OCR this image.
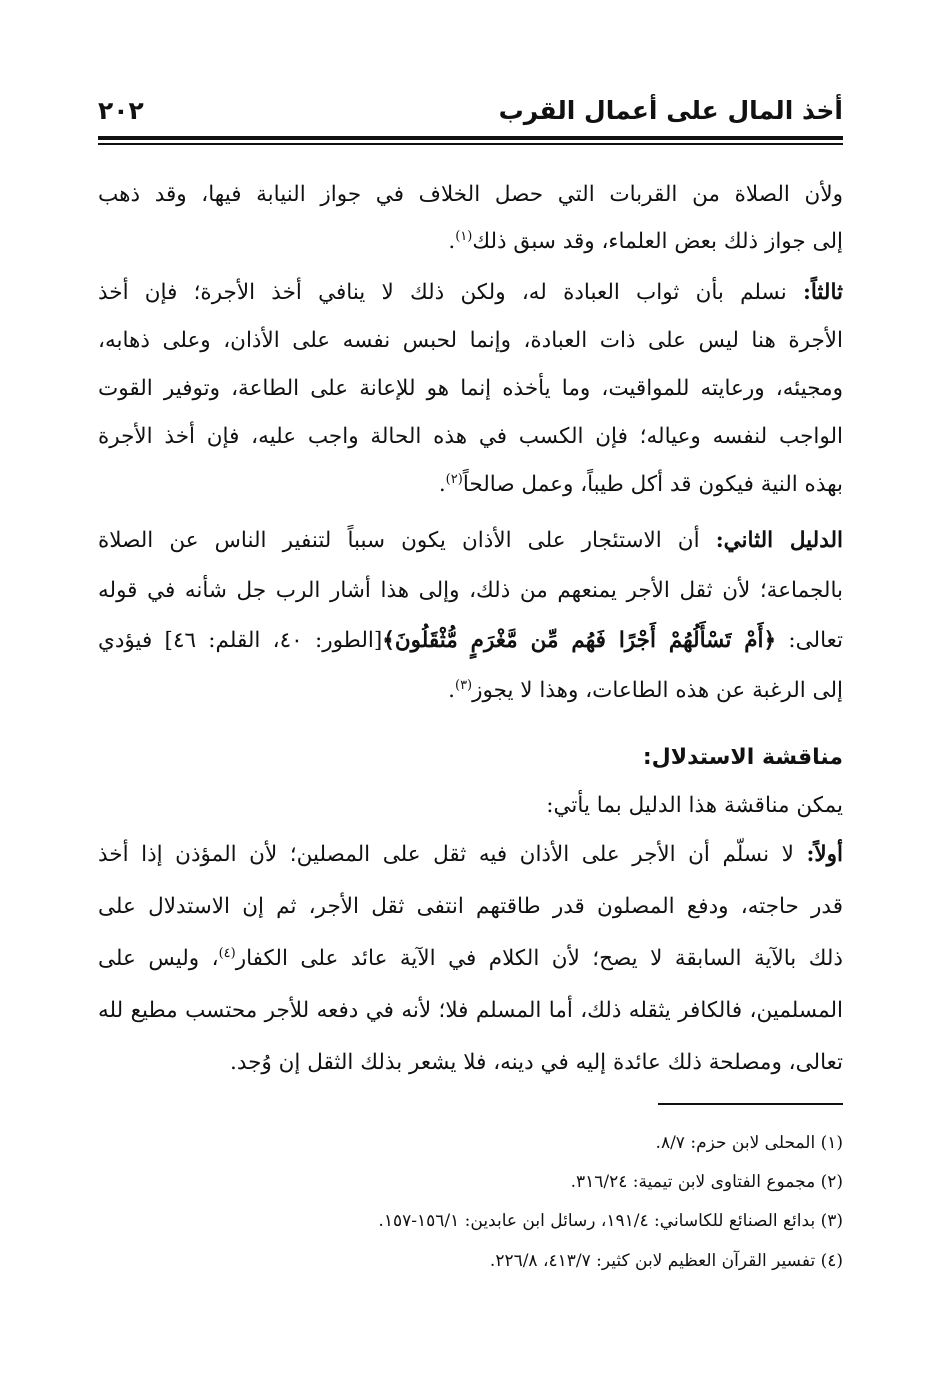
أخذ المال على أعمال القرب
٢٠٢
ولأن الصلاة من القربات التي حصل الخلاف في جواز النيابة فيها، وقد ذهب
إلى جواز ذلك بعض العلماء، وقد سبق ذلك$^{(١)}$.
ثالثاً: نسلم بأن ثواب العبادة له، ولكن ذلك لا ينافي أخذ الأجرة؛ فإن أخذ
الأجرة هنا ليس على ذات العبادة، وإنما لحبس نفسه على الأذان، وعلى ذهابه،
ومجيئه، ورعايته للمواقيت، وما يأخذه إنما هو للإعانة على الطاعة، وتوفير القوت
الواجب لنفسه وعياله؛ فإن الكسب في هذه الحالة واجب عليه، فإن أخذ الأجرة
بهذه النية فيكون قد أكل طيباً، وعمل صالحاً$^{(٢)}$.
الدليل الثاني: أن الاستئجار على الأذان يكون سبباً لتنفير الناس عن الصلاة
بالجماعة؛ لأن ثقل الأجر يمنعهم من ذلك، وإلى هذا أشار الرب جل شأنه في قوله
تعالى: ﴿أَمْ تَسْأَلُهُمْ أَجْرًا فَهُم مِّن مَّغْرَمٍ مُّثْقَلُونَ﴾[الطور: ٤٠، القلم: ٤٦] فيؤدي
إلى الرغبة عن هذه الطاعات، وهذا لا يجوز$^{(٣)}$.
مناقشة الاستدلال:
يمكن مناقشة هذا الدليل بما يأتي:
أولاً: لا نسلّم أن الأجر على الأذان فيه ثقل على المصلين؛ لأن المؤذن إذا أخذ
قدر حاجته، ودفع المصلون قدر طاقتهم انتفى ثقل الأجر، ثم إن الاستدلال على
ذلك بالآية السابقة لا يصح؛ لأن الكلام في الآية عائد على الكفار$^{(٤)}$، وليس على
المسلمين، فالكافر يثقله ذلك، أما المسلم فلا؛ لأنه في دفعه للأجر محتسب مطيع لله
تعالى، ومصلحة ذلك عائدة إليه في دينه، فلا يشعر بذلك الثقل إن وُجد.
(١) المحلى لابن حزم: ٨/٧.
(٢) مجموع الفتاوى لابن تيمية: ٣١٦/٢٤.
(٣) بدائع الصنائع للكاساني: ١٩١/٤، رسائل ابن عابدين: ١٥٦/١-١٥٧.
(٤) تفسير القرآن العظيم لابن كثير: ٤١٣/٧، ٢٢٦/٨.
